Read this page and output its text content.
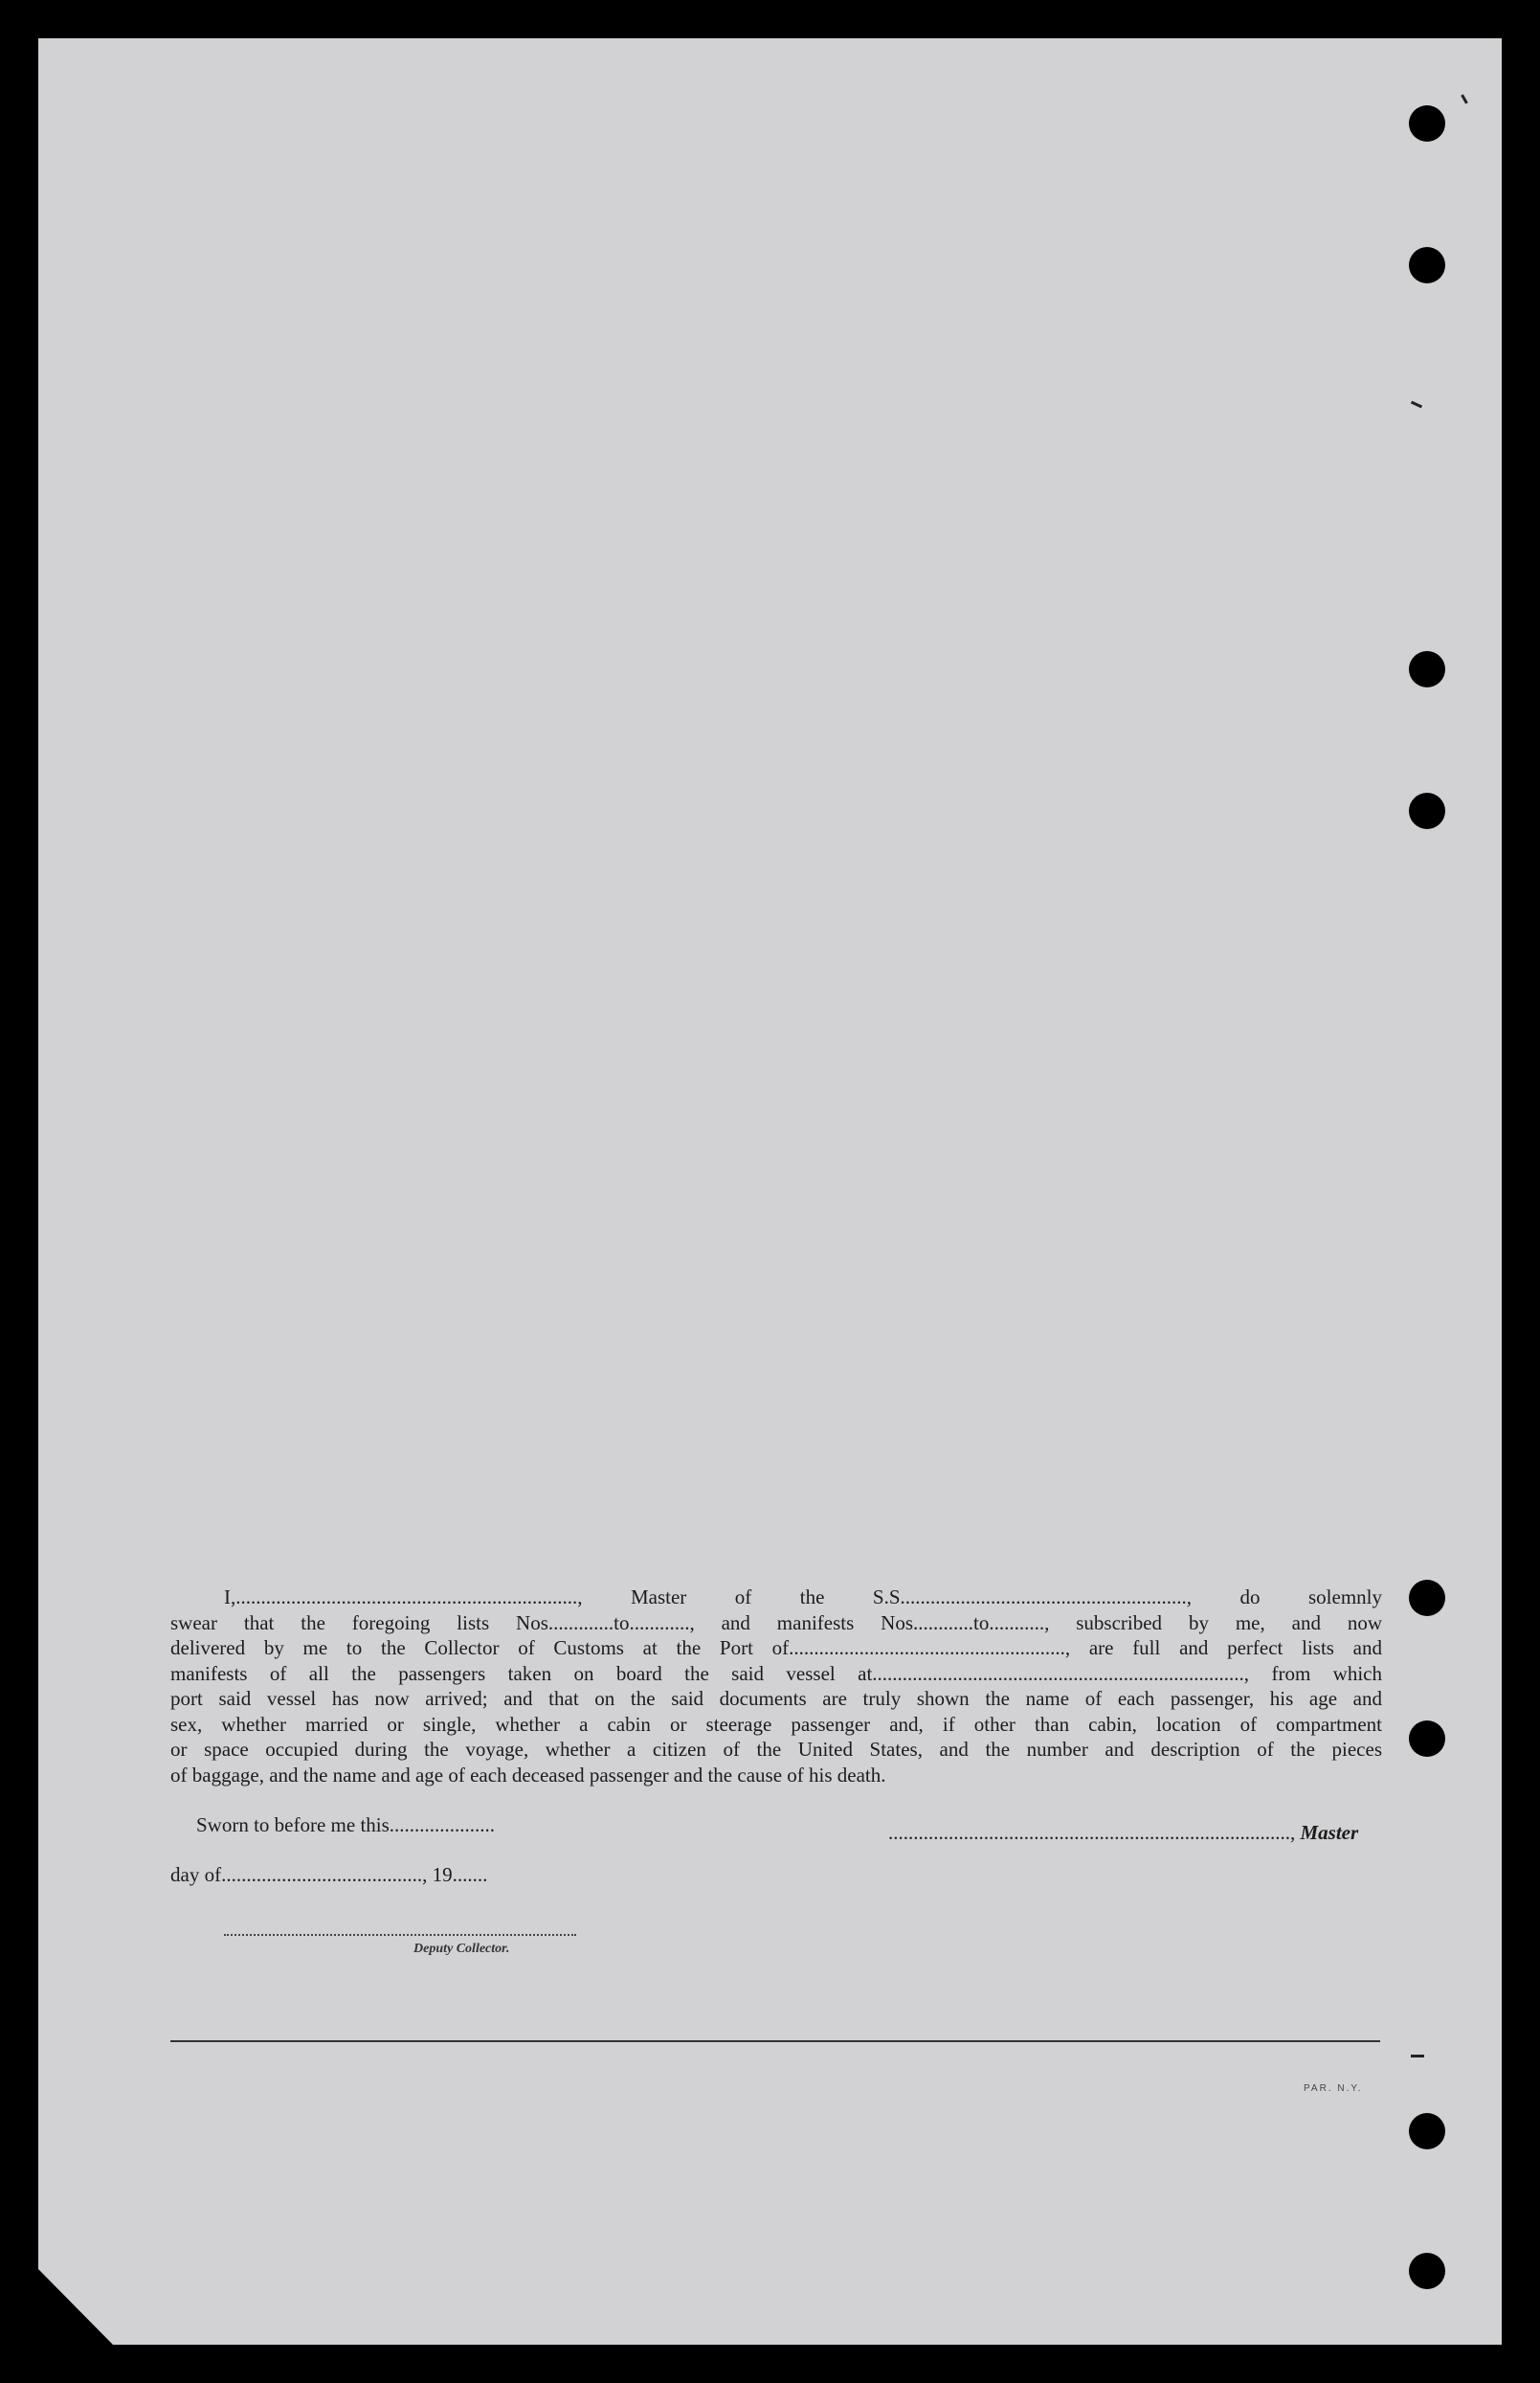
I,...................................................................., Master of the S.S........................................................., do solemnly
swear that the foregoing lists Nos.............to............, and manifests Nos............to..........., subscribed by me, and now
delivered by me to the Collector of Customs at the Port of......................................................., are full and perfect lists and
manifests of all the passengers taken on board the said vessel at.........................................................................., from which
port said vessel has now arrived; and that on the said documents are truly shown the name of each passenger, his age and
sex, whether married or single, whether a cabin or steerage passenger and, if other than cabin, location of compartment
or space occupied during the voyage, whether a citizen of the United States, and the number and description of the pieces
of baggage, and the name and age of each deceased passenger and the cause of his death.
Sworn to before me this.....................	................................................................................, Master
day of........................................, 19.......
Deputy Collector.
PAR. N.Y.
